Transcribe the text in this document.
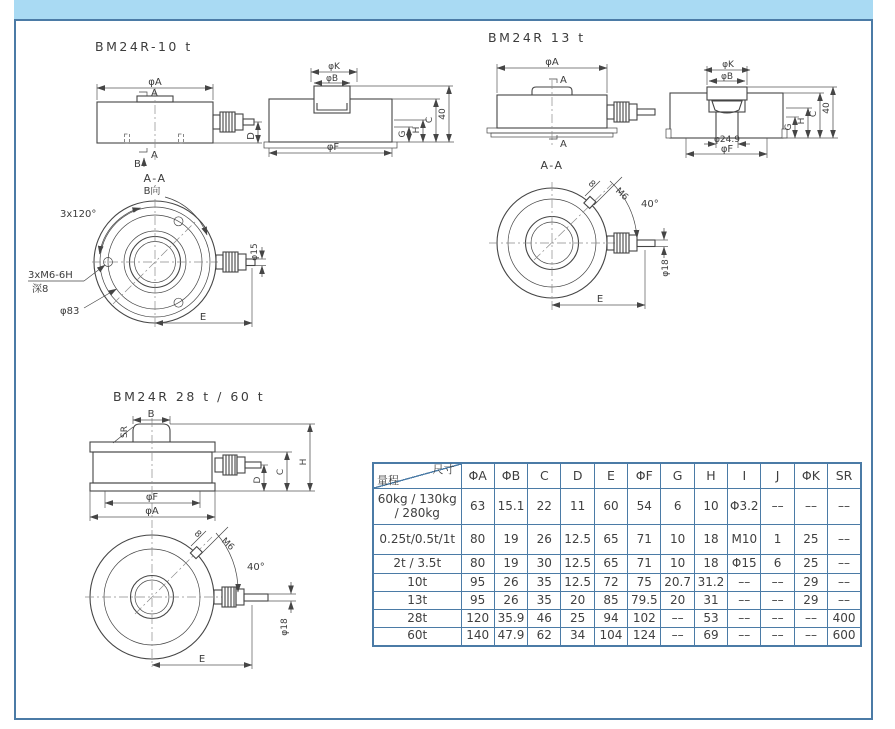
BM24R-10 t
φA
A
A
B
D
A-A
φK
φB
G
H
C
40
φF
B向
3x120°
3xM6-6H
深8
φ83
φ15
E
BM24R 13 t
φA
A
A
A-A
φK
φB
G
H
C
40
φ24.9
φF
8
M6
40°
φ18
E
BM24R 28 t / 60 t
SR
B
D
C
H
φF
φA
8
M6
40°
φ18
E
尺寸
量程	ΦA	ΦB	C	D	E	ΦF	G	H	I	J	ΦK	SR
60kg / 130kg / 280kg	63	15.1	22	11	60	54	6	10	Φ3.2	––	––	––
0.25t/0.5t/1t	80	19	26	12.5	65	71	10	18	M10	1	25	––
2t / 3.5t	80	19	30	12.5	65	71	10	18	Φ15	6	25	––
10t	95	26	35	12.5	72	75	20.7	31.2	––	––	29	––
13t	95	26	35	20	85	79.5	20	31	––	––	29	––
28t	120	35.9	46	25	94	102	––	53	––	––	––	400
60t	140	47.9	62	34	104	124	––	69	––	––	––	600
